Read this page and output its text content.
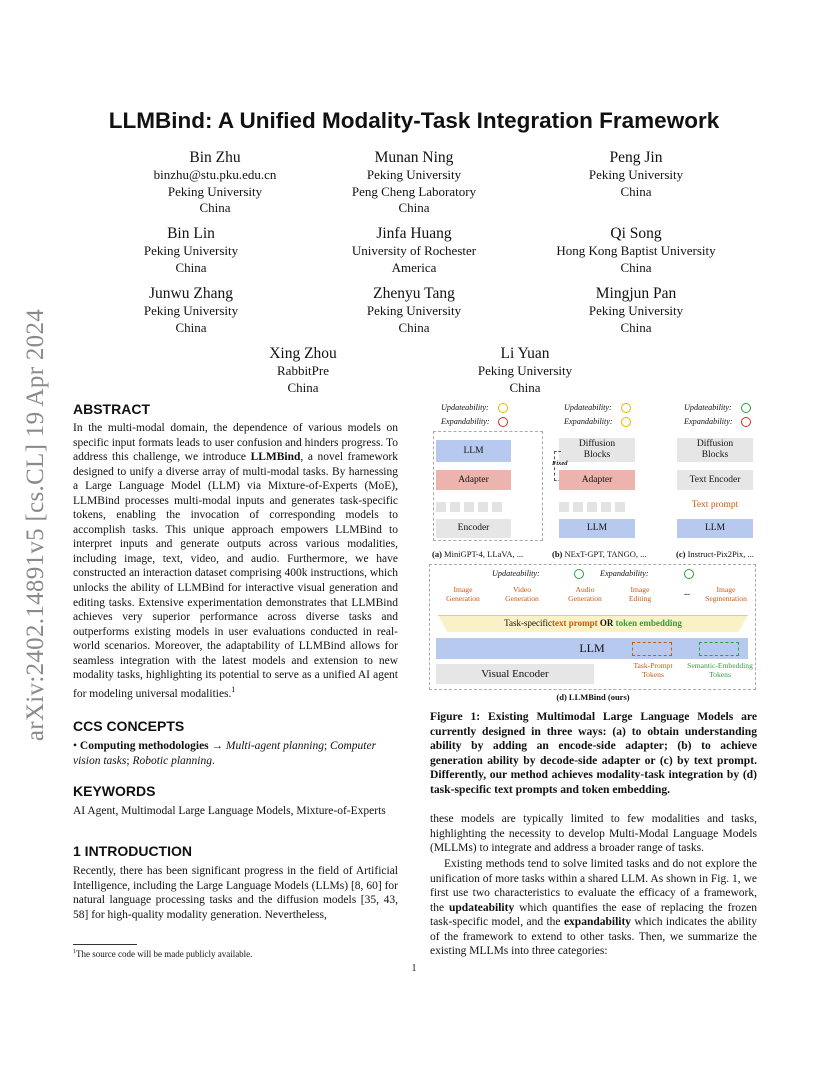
arXiv:2402.14891v5 [cs.CL] 19 Apr 2024
LLMBind: A Unified Modality-Task Integration Framework
Bin Zhu
binzhu@stu.pku.edu.cn
Peking University
China
Munan Ning
Peking University
Peng Cheng Laboratory
China
Peng Jin
Peking University
China
Bin Lin
Peking University
China
Jinfa Huang
University of Rochester
America
Qi Song
Hong Kong Baptist University
China
Junwu Zhang
Peking University
China
Zhenyu Tang
Peking University
China
Mingjun Pan
Peking University
China
Xing Zhou
RabbitPre
China
Li Yuan
Peking University
China
ABSTRACT
In the multi-modal domain, the dependence of various models on specific input formats leads to user confusion and hinders progress. To address this challenge, we introduce LLMBind, a novel framework designed to unify a diverse array of multi-modal tasks. By harnessing a Large Language Model (LLM) via Mixture-of-Experts (MoE), LLMBind processes multi-modal inputs and generates task-specific tokens, enabling the invocation of corresponding models to accomplish tasks. This unique approach empowers LLMBind to interpret inputs and generate outputs across various modalities, including image, text, video, and audio. Furthermore, we have constructed an interaction dataset comprising 400k instructions, which unlocks the ability of LLMBind for interactive visual generation and editing tasks. Extensive experimentation demonstrates that LLMBind achieves very superior performance across diverse tasks and outperforms existing models in user evaluations conducted in real-world scenarios. Moreover, the adaptability of LLMBind allows for seamless integration with the latest models and extension to new modality tasks, highlighting its potential to serve as a unified AI agent for modeling universal modalities.$^1$
CCS CONCEPTS
• Computing methodologies → Multi-agent planning; Computer vision tasks; Robotic planning.
KEYWORDS
AI Agent, Multimodal Large Language Models, Mixture-of-Experts
1 INTRODUCTION
Recently, there has been significant progress in the field of Artificial Intelligence, including the Large Language Models (LLMs) [8, 60] for natural language processing tasks and the diffusion models [35, 43, 58] for high-quality modality generation. Nevertheless,
$^1$The source code will be made publicly available.
1
Updateability:
Expandability:
LLM
Adapter
Encoder
(a) MiniGPT-4, LLaVA, ...
Updateability:
Expandability:
Diffusion
Blocks
Fixed
Adapter
LLM
(b) NExT-GPT, TANGO, ...
Updateability:
Expandability:
Diffusion
Blocks
Text Encoder
Text prompt
LLM
(c) Instruct-Pix2Pix, ...
Updateability:	Expandability:
Image
Generation
Video
Generation
Audio
Generation
Image
Editing
...	Image
Segmentation
Task-specific text prompt OR token embedding
LLM
Visual Encoder
Task-Prompt
Tokens
Semantic-Embedding
Tokens
(d) LLMBind (ours)
Figure 1: Existing Multimodal Large Language Models are currently designed in three ways: (a) to obtain understanding ability by adding an encode-side adapter; (b) to achieve generation ability by decode-side adapter or (c) by text prompt. Differently, our method achieves modality-task integration by (d) task-specific text prompts and token embedding.
these models are typically limited to few modalities and tasks, highlighting the necessity to develop Multi-Modal Language Models (MLLMs) to integrate and address a broader range of tasks.
Existing methods tend to solve limited tasks and do not explore the unification of more tasks within a shared LLM. As shown in Fig. 1, we first use two characteristics to evaluate the efficacy of a framework, the updateability which quantifies the ease of replacing the frozen task-specific model, and the expandability which indicates the ability of the framework to extend to other tasks. Then, we summarize the existing MLLMs into three categories:
